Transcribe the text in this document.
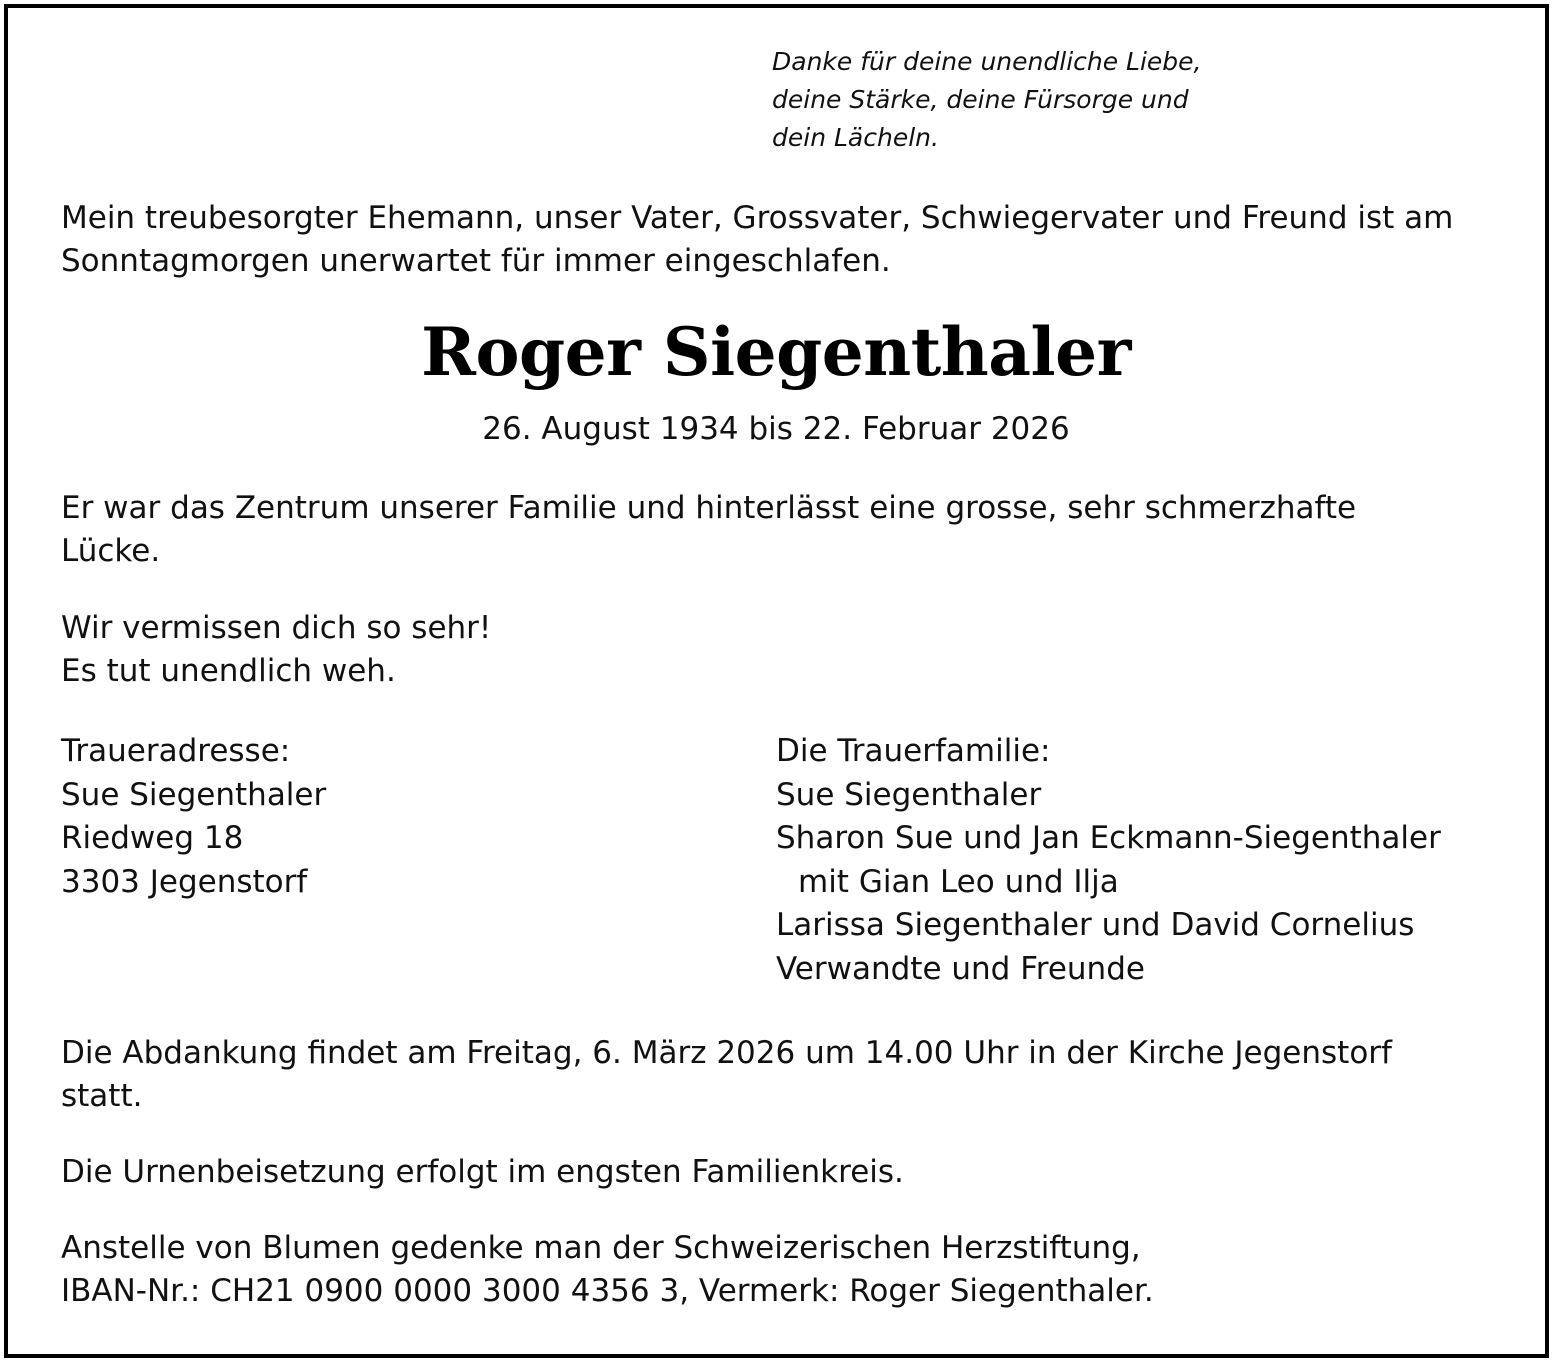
Danke für deine unendliche Liebe,
deine Stärke, deine Fürsorge und
dein Lächeln.
Mein treubesorgter Ehemann, unser Vater, Grossvater, Schwiegervater und Freund ist am
Sonntagmorgen unerwartet für immer eingeschlafen.
Roger Siegenthaler
26. August 1934 bis 22. Februar 2026
Er war das Zentrum unserer Familie und hinterlässt eine grosse, sehr schmerzhafte
Lücke.
Wir vermissen dich so sehr!
Es tut unendlich weh.
Traueradresse:
Sue Siegenthaler
Riedweg 18
3303 Jegenstorf
Die Trauerfamilie:
Sue Siegenthaler
Sharon Sue und Jan Eckmann-Siegenthaler
mit Gian Leo und Ilja
Larissa Siegenthaler und David Cornelius
Verwandte und Freunde
Die Abdankung findet am Freitag, 6. März 2026 um 14.00 Uhr in der Kirche Jegenstorf
statt.
Die Urnenbeisetzung erfolgt im engsten Familienkreis.
Anstelle von Blumen gedenke man der Schweizerischen Herzstiftung,
IBAN-Nr.: CH21 0900 0000 3000 4356 3, Vermerk: Roger Siegenthaler.
